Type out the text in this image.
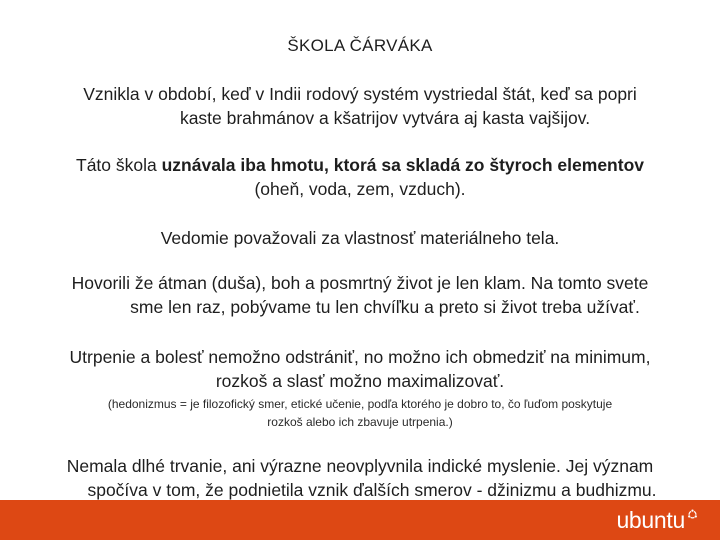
ŠKOLA ČÁRVÁKA
Vznikla v období, keď v Indii rodový systém vystriedal štát, keď sa popri
kaste brahmánov a kšatrijov vytvára aj kasta vajšijov.
Táto škola uznávala iba hmotu, ktorá sa skladá zo štyroch elementov
(oheň, voda, zem, vzduch).
Vedomie považovali za vlastnosť materiálneho tela.
Hovorili že átman (duša), boh a posmrtný život je len klam. Na tomto svete
sme len raz, pobývame tu len chvíľku a preto si život treba užívať.
Utrpenie a bolesť nemožno odstrániť, no možno ich obmedziť na minimum,
rozkoš a slasť možno maximalizovať.
(hedonizmus = je filozofický smer, etické učenie, podľa ktorého je dobro to, čo ľuďom poskytuje
rozkoš alebo ich zbavuje utrpenia.)
Nemala dlhé trvanie, ani výrazne neovplyvnila indické myslenie. Jej význam
spočíva v tom, že podnietila vznik ďalších smerov - džinizmu a budhizmu.
ubuntu
